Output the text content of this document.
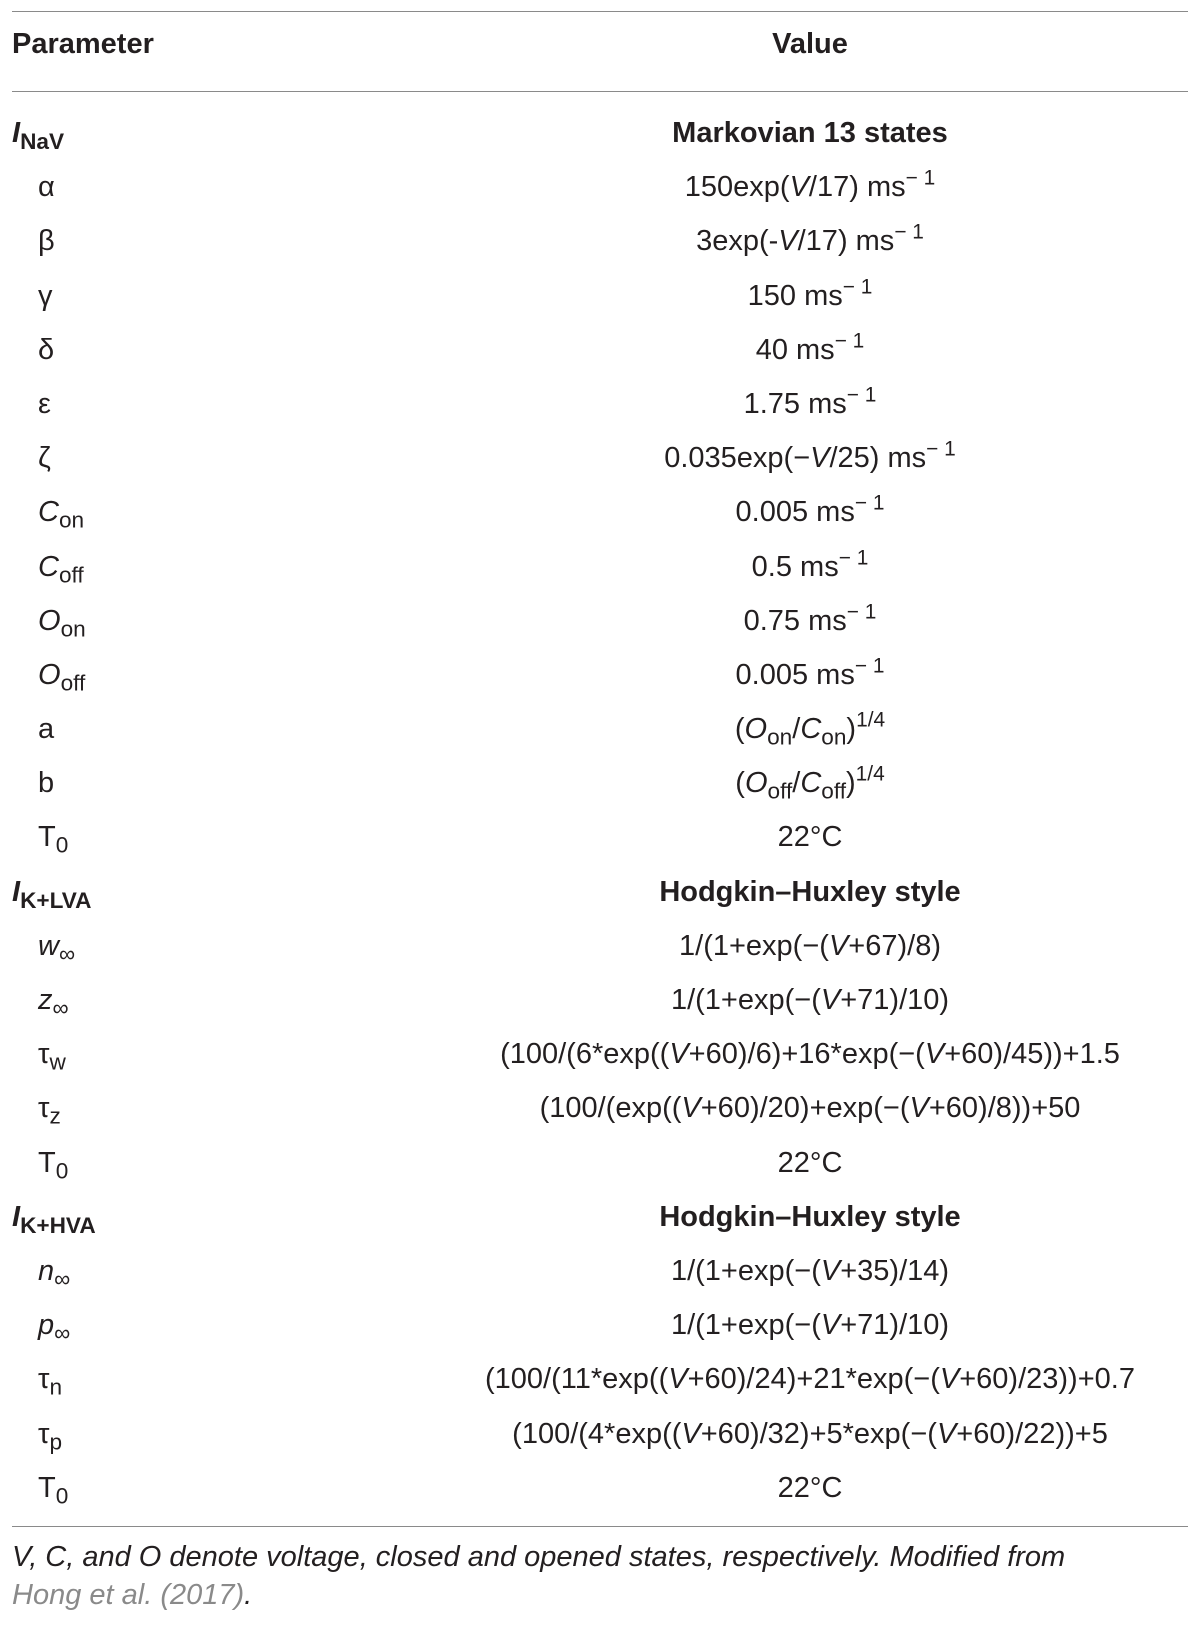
Parameter	Value
$I_{NaV}$	Markovian 13 states
α	150exp(V/17) $ms^{- 1}$
β	3exp(-V/17) $ms^{- 1}$
γ	150 $ms^{- 1}$
δ	40 $ms^{- 1}$
ε	1.75 $ms^{- 1}$
ζ	0.035exp(−V/25) $ms^{- 1}$
$C_{on}$	0.005 $ms^{- 1}$
$C_{off}$	0.5 $ms^{- 1}$
$O_{on}$	0.75 $ms^{- 1}$
$O_{off}$	0.005 $ms^{- 1}$
a	$(O_{on}/C_{on})^{1/4}$
b	$(O_{off}/C_{off})^{1/4}$
$T_0$	22°C
$I_{K+LVA}$	Hodgkin–Huxley style
$w_\infty$	1/(1+exp(−(V+67)/8)
$z_\infty$	1/(1+exp(−(V+71)/10)
$\tau_w$	(100/(6*exp((V+60)/6)+16*exp(−(V+60)/45))+1.5
$\tau_z$	(100/(exp((V+60)/20)+exp(−(V+60)/8))+50
$T_0$	22°C
$I_{K+HVA}$	Hodgkin–Huxley style
$n_\infty$	1/(1+exp(−(V+35)/14)
$p_\infty$	1/(1+exp(−(V+71)/10)
$\tau_n$	(100/(11*exp((V+60)/24)+21*exp(−(V+60)/23))+0.7
$\tau_p$	(100/(4*exp((V+60)/32)+5*exp(−(V+60)/22))+5
$T_0$	22°C
V, C, and O denote voltage, closed and opened states, respectively. Modified from
Hong et al. (2017).
